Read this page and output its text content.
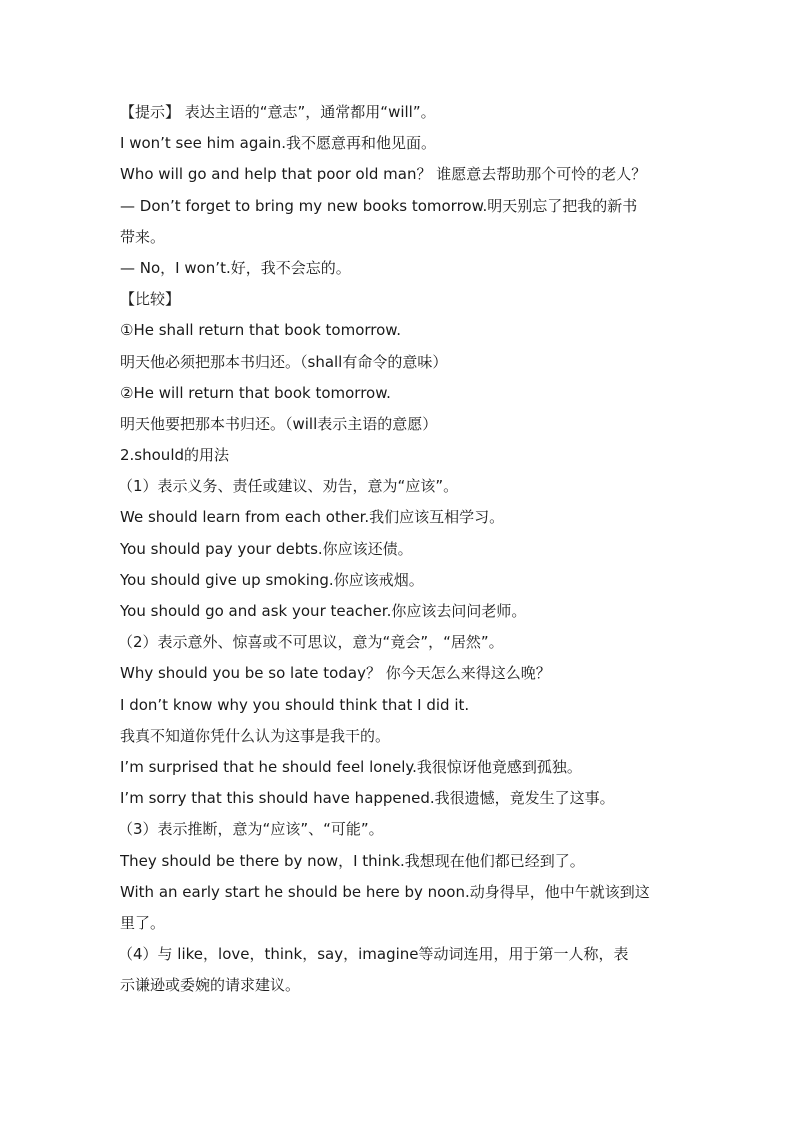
【提示】 表达主语的“意志”，通常都用“will”。
I won’t see him again.我不愿意再和他见面。
Who will go and help that poor old man？ 谁愿意去帮助那个可怜的老人？
— Don’t forget to bring my new books tomorrow.明天别忘了把我的新书
带来。
— No，I won’t.好，我不会忘的。
【比较】
①He shall return that book tomorrow.
明天他必须把那本书归还。（shall有命令的意味）
②He will return that book tomorrow.
明天他要把那本书归还。（will表示主语的意愿）
2.should的用法
（1）表示义务、责任或建议、劝告，意为“应该”。
We should learn from each other.我们应该互相学习。
You should pay your debts.你应该还债。
You should give up smoking.你应该戒烟。
You should go and ask your teacher.你应该去问问老师。
（2）表示意外、惊喜或不可思议，意为“竟会”，“居然”。
Why should you be so late today？ 你今天怎么来得这么晚？
I don’t know why you should think that I did it.
我真不知道你凭什么认为这事是我干的。
I’m surprised that he should feel lonely.我很惊讶他竟感到孤独。
I’m sorry that this should have happened.我很遗憾，竟发生了这事。
（3）表示推断，意为“应该”、“可能”。
They should be there by now，I think.我想现在他们都已经到了。
With an early start he should be here by noon.动身得早，他中午就该到这
里了。
（4）与 like，love，think，say，imagine等动词连用，用于第一人称，表
示谦逊或委婉的请求建议。
